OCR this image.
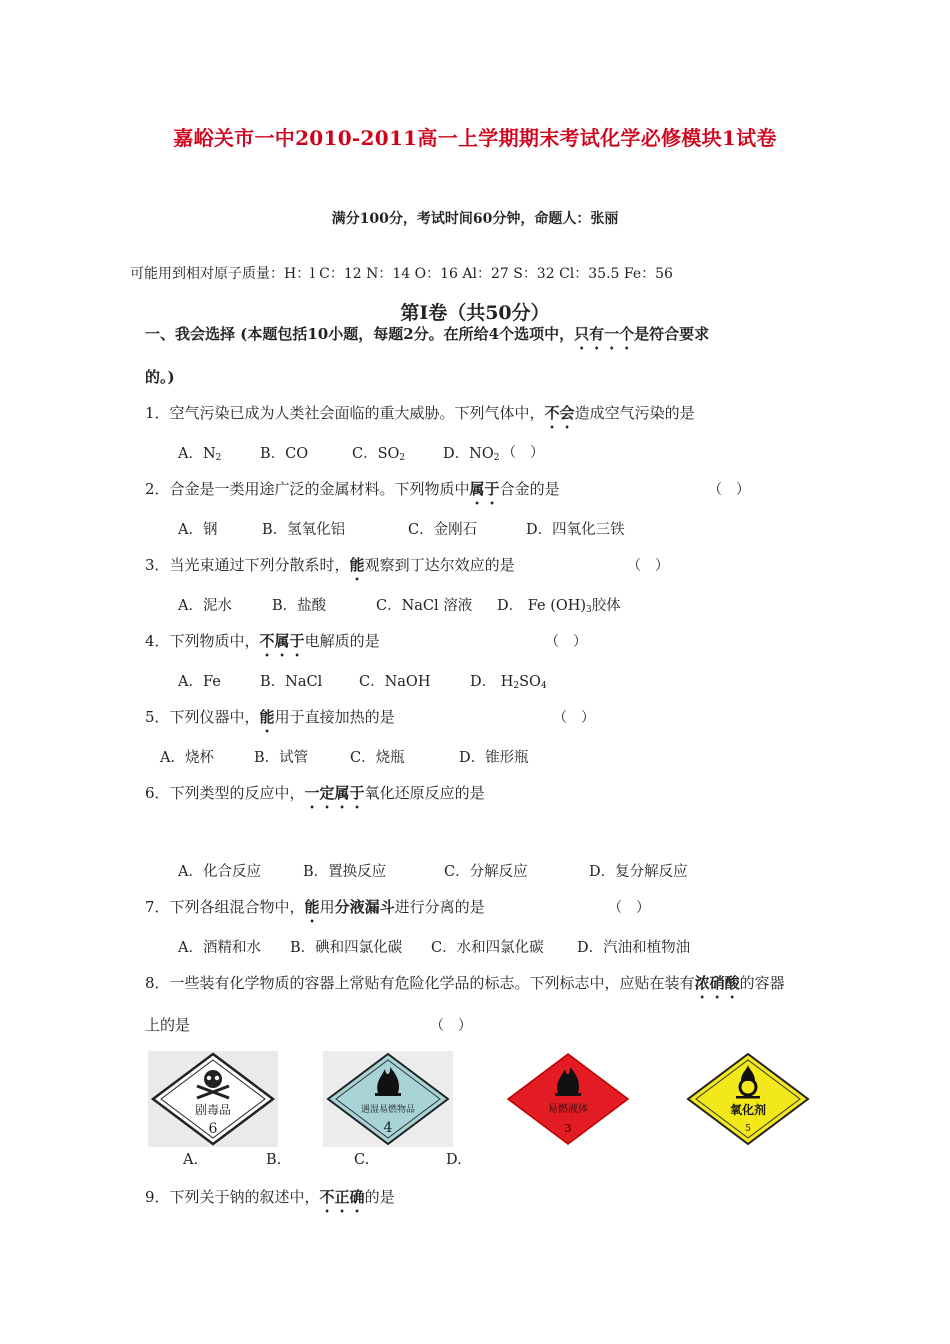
嘉峪关市一中2010-2011高一上学期期末考试化学必修模块1试卷
满分100分，考试时间60分钟，命题人：张丽
可能用到相对原子质量：H：l C：12 N：14 O：16 Al：27 S：32 Cl：35.5 Fe：56
第Ⅰ卷（共50分）
一、我会选择 (本题包括10小题，每题2分。在所给4个选项中，只有一个是符合要求
的。)
1．空气污染已成为人类社会面临的重大威胁。下列气体中，不会造成空气污染的是
A．$N_2$	B．CO	C．$SO_2$	D．$NO_2$ （　）
2．合金是一类用途广泛的金属材料。下列物质中属于合金的是	（　）
A．钢	B．氢氧化铝	C．金刚石	D．四氧化三铁
3．当光束通过下列分散系时，能观察到丁达尔效应的是	（　）
A．泥水	B．盐酸	C．NaCl 溶液 D． Fe $(OH)_3$胶体
4．下列物质中，不属于电解质的是	（　）
A．Fe	B．NaCl	C．NaOH	D． $H_2SO_4$
5．下列仪器中，能用于直接加热的是	（　）
A．烧杯	B．试管	C．烧瓶	D．锥形瓶
6．下列类型的反应中，一定属于氧化还原反应的是
A．化合反应	B．置换反应	C．分解反应	D．复分解反应
7．下列各组混合物中，能用分液漏斗进行分离的是	（　）
A．酒精和水 B．碘和四氯化碳 C．水和四氯化碳 D．汽油和植物油
8．一些装有化学物质的容器上常贴有危险化学品的标志。下列标志中，应贴在装有浓硝酸的容器
上的是	（　）
剧毒品
6
遇湿易燃物品
4
易燃液体
3
氧化剂
5
A.	B.	C.	D.
9．下列关于钠的叙述中，不正确的是
